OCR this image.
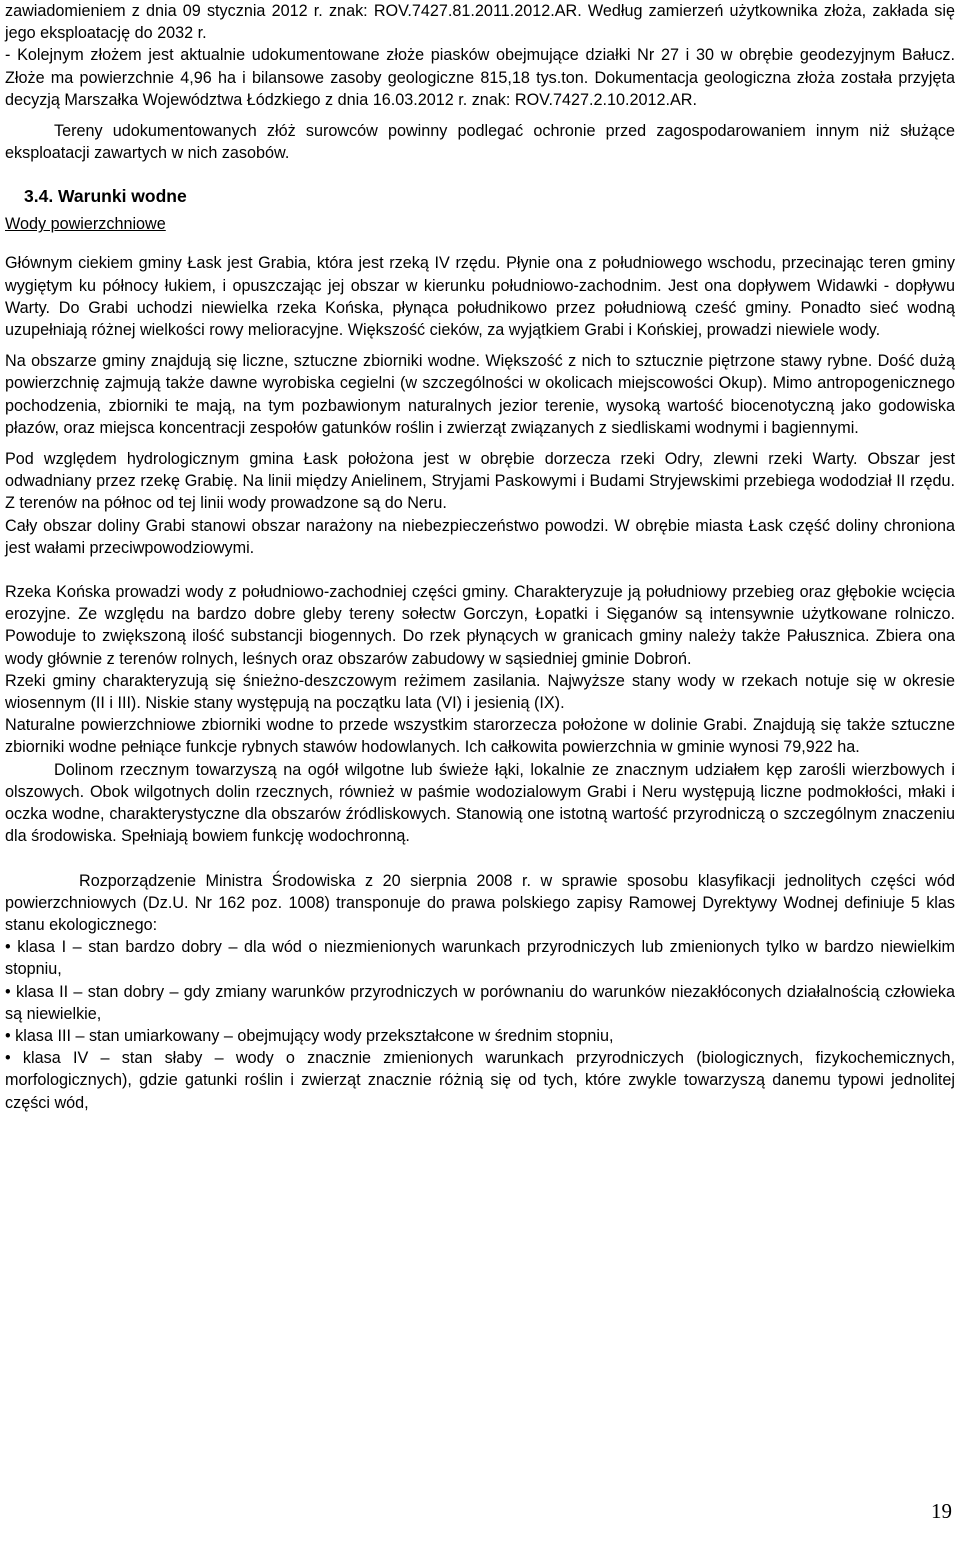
zawiadomieniem z dnia 09 stycznia 2012 r. znak: ROV.7427.81.2011.2012.AR. Według zamierzeń użytkownika złoża, zakłada się jego eksploatację do 2032 r.

- Kolejnym złożem jest aktualnie udokumentowane złoże piasków obejmujące działki Nr 27 i 30 w obrębie geodezyjnym Bałucz. Złoże ma powierzchnie 4,96 ha i bilansowe zasoby geologiczne 815,18 tys.ton. Dokumentacja geologiczna złoża została przyjęta decyzją Marszałka Województwa Łódzkiego z dnia 16.03.2012 r. znak: ROV.7427.2.10.2012.AR.

Tereny udokumentowanych złóż surowców powinny podlegać ochronie przed zagospodarowaniem innym niż służące eksploatacji zawartych w nich zasobów.

3.4. Warunki wodne
Wody powierzchniowe

Głównym ciekiem gminy Łask jest Grabia, która jest rzeką IV rzędu. Płynie ona z południowego wschodu, przecinając teren gminy wygiętym ku północy łukiem, i opuszczając jej obszar w kierunku południowo-zachodnim. Jest ona dopływem Widawki - dopływu Warty. Do Grabi uchodzi niewielka rzeka Końska, płynąca południkowo przez południową cześć gminy. Ponadto sieć wodną uzupełniają różnej wielkości rowy melioracyjne. Większość cieków, za wyjątkiem Grabi i Końskiej, prowadzi niewiele wody.

Na obszarze gminy znajdują się liczne, sztuczne zbiorniki wodne. Większość z nich to sztucznie piętrzone stawy rybne. Dość dużą powierzchnię zajmują także dawne wyrobiska cegielni (w szczególności w okolicach miejscowości Okup). Mimo antropogenicznego pochodzenia, zbiorniki te mają, na tym pozbawionym naturalnych jezior terenie, wysoką wartość biocenotyczną jako godowiska płazów, oraz miejsca koncentracji zespołów gatunków roślin i zwierząt związanych z siedliskami wodnymi i bagiennymi.

Pod względem hydrologicznym gmina Łask położona jest w obrębie dorzecza rzeki Odry, zlewni rzeki Warty. Obszar jest odwadniany przez rzekę Grabię. Na linii między Anielinem, Stryjami Paskowymi i Budami Stryjewskimi przebiega wododział II rzędu. Z terenów na północ od tej linii wody prowadzone są do Neru.

Cały obszar doliny Grabi stanowi obszar narażony na niebezpieczeństwo powodzi. W obrębie miasta Łask część doliny chroniona jest wałami przeciwpowodziowymi.

Rzeka Końska prowadzi wody z południowo-zachodniej części gminy. Charakteryzuje ją południowy przebieg oraz głębokie wcięcia erozyjne. Ze względu na bardzo dobre gleby tereny sołectw Gorczyn, Łopatki i Sięganów są intensywnie użytkowane rolniczo. Powoduje to zwiększoną ilość substancji biogennych. Do rzek płynących w granicach gminy należy także Pałusznica. Zbiera ona wody głównie z terenów rolnych, leśnych oraz obszarów zabudowy w sąsiedniej gminie Dobroń.

Rzeki gminy charakteryzują się śnieżno-deszczowym reżimem zasilania. Najwyższe stany wody w rzekach notuje się w okresie wiosennym (II i III). Niskie stany występują na początku lata (VI) i jesienią (IX).

Naturalne powierzchniowe zbiorniki wodne to przede wszystkim starorzecza położone w dolinie Grabi. Znajdują się także sztuczne zbiorniki wodne pełniące funkcje rybnych stawów hodowlanych. Ich całkowita powierzchnia w gminie wynosi 79,922 ha.

Dolinom rzecznym towarzyszą na ogół wilgotne lub świeże łąki, lokalnie ze znacznym udziałem kęp zarośli wierzbowych i olszowych. Obok wilgotnych dolin rzecznych, również w paśmie wodozialowym Grabi i Neru występują liczne podmokłości, młaki i oczka wodne, charakterystyczne dla obszarów źródliskowych. Stanowią one istotną wartość przyrodniczą o szczególnym znaczeniu dla środowiska. Spełniają bowiem funkcję wodochronną.

Rozporządzenie Ministra Środowiska z 20 sierpnia 2008 r. w sprawie sposobu klasyfikacji jednolitych części wód powierzchniowych (Dz.U. Nr 162 poz. 1008) transponuje do prawa polskiego zapisy Ramowej Dyrektywy Wodnej definiuje 5 klas stanu ekologicznego:

• klasa I – stan bardzo dobry – dla wód o niezmienionych warunkach przyrodniczych lub zmienionych tylko w bardzo niewielkim stopniu,

• klasa II – stan dobry – gdy zmiany warunków przyrodniczych w porównaniu do warunków niezakłóconych działalnością człowieka są niewielkie,

• klasa III – stan umiarkowany – obejmujący wody przekształcone w średnim stopniu,

• klasa IV – stan słaby – wody o znacznie zmienionych warunkach przyrodniczych (biologicznych, fizykochemicznych, morfologicznych), gdzie gatunki roślin i zwierząt znacznie różnią się od tych, które zwykle towarzyszą danemu typowi jednolitej części wód,

19
